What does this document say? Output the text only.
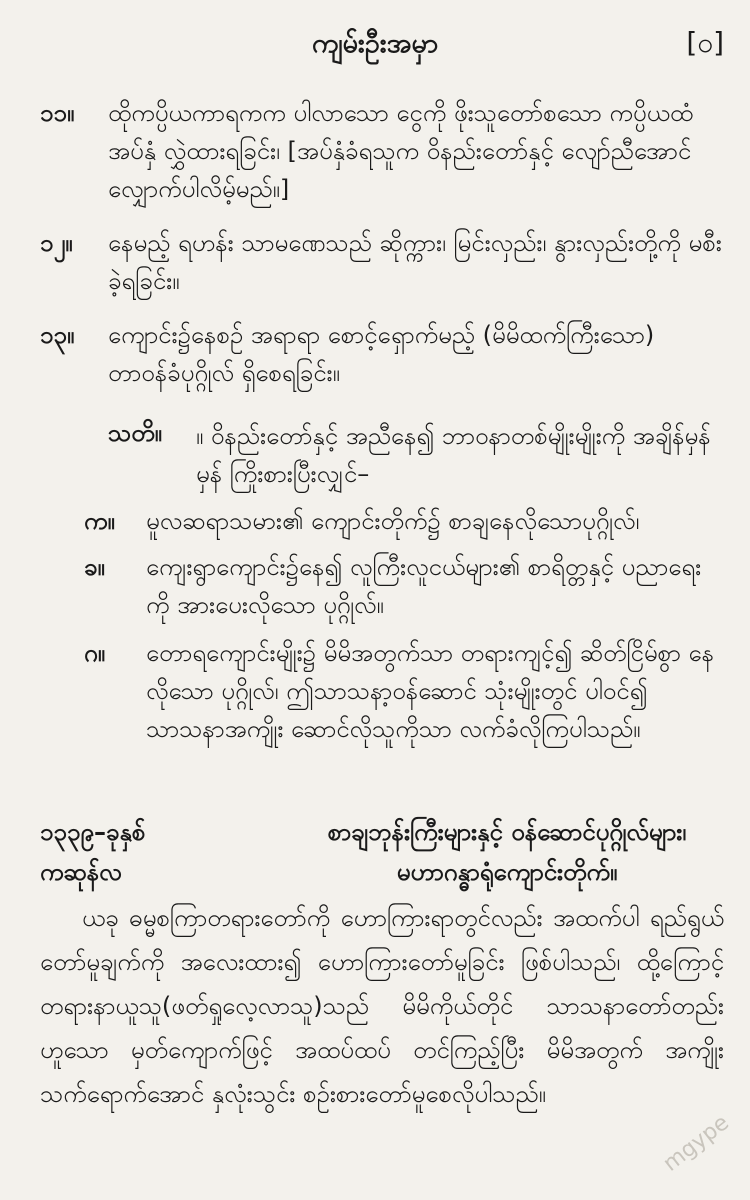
ကျမ်းဦးအမှာ	[၀]
၁၁။ ထိုကပ္ပိယကာရကက ပါလာသော ငွေကို ဖိုးသူတော်စသော ကပ္ပိယထံ အပ်နှံ လွှဲထားရခြင်း၊ [အပ်နှံခံရသူက ဝိနည်းတော်နှင့် လျော်ညီအောင် လျှောက်ပါလိမ့်မည်။]
၁၂။ နေမည့် ရဟန်း သာမဏေသည် ဆိုက္ကား၊ မြင်းလှည်း၊ နွားလှည်းတို့ကို မစီးခဲ့ရခြင်း။
၁၃။ ကျောင်း၌နေစဉ် အရာရာ စောင့်ရှောက်မည့် (မိမိထက်ကြီးသော) တာဝန်ခံပုဂ္ဂိုလ် ရှိစေရခြင်း။
သတိ။ ။ ဝိနည်းတော်နှင့် အညီနေ၍ ဘာဝနာတစ်မျိုးမျိုးကို အချိန်မှန်မှန် ကြိုးစားပြီးလျှင်–
က။ မူလဆရာသမား၏ ကျောင်းတိုက်၌ စာချနေလိုသောပုဂ္ဂိုလ်၊
ခ။ ကျေးရွာကျောင်း၌နေ၍ လူကြီးလူငယ်များ၏ စာရိတ္တနှင့် ပညာရေးကို အားပေးလိုသော ပုဂ္ဂိုလ်။
ဂ။ တောရကျောင်းမျိုး၌ မိမိအတွက်သာ တရားကျင့်၍ ဆိတ်ငြိမ်စွာ နေလိုသော ပုဂ္ဂိုလ်၊ ဤသာသနာ့ဝန်ဆောင် သုံးမျိုးတွင် ပါဝင်၍ သာသနာအကျိုး ဆောင်လိုသူကိုသာ လက်ခံလိုကြပါသည်။
၁၃၃၉–ခုနှစ်
ကဆုန်လ
စာချဘုန်းကြီးများနှင့် ဝန်ဆောင်ပုဂ္ဂိုလ်များ၊
မဟာဂန္ဓာရုံကျောင်းတိုက်။
ယခု ဓမ္မစကြာတရားတော်ကို ဟောကြားရာတွင်လည်း အထက်ပါ ရည်ရွယ်တော်မူချက်ကို အလေးထား၍ ဟောကြားတော်မူခြင်း ဖြစ်ပါသည်၊ ထို့ကြောင့် တရားနာယူသူ(ဖတ်ရှုလေ့လာသူ)သည် မိမိကိုယ်တိုင် သာသနာတော်တည်းဟူသော မှတ်ကျောက်ဖြင့် အထပ်ထပ် တင်ကြည့်ပြီး မိမိအတွက် အကျိုးသက်ရောက်အောင် နှလုံးသွင်း စဉ်းစားတော်မူစေလိုပါသည်။
mgype
